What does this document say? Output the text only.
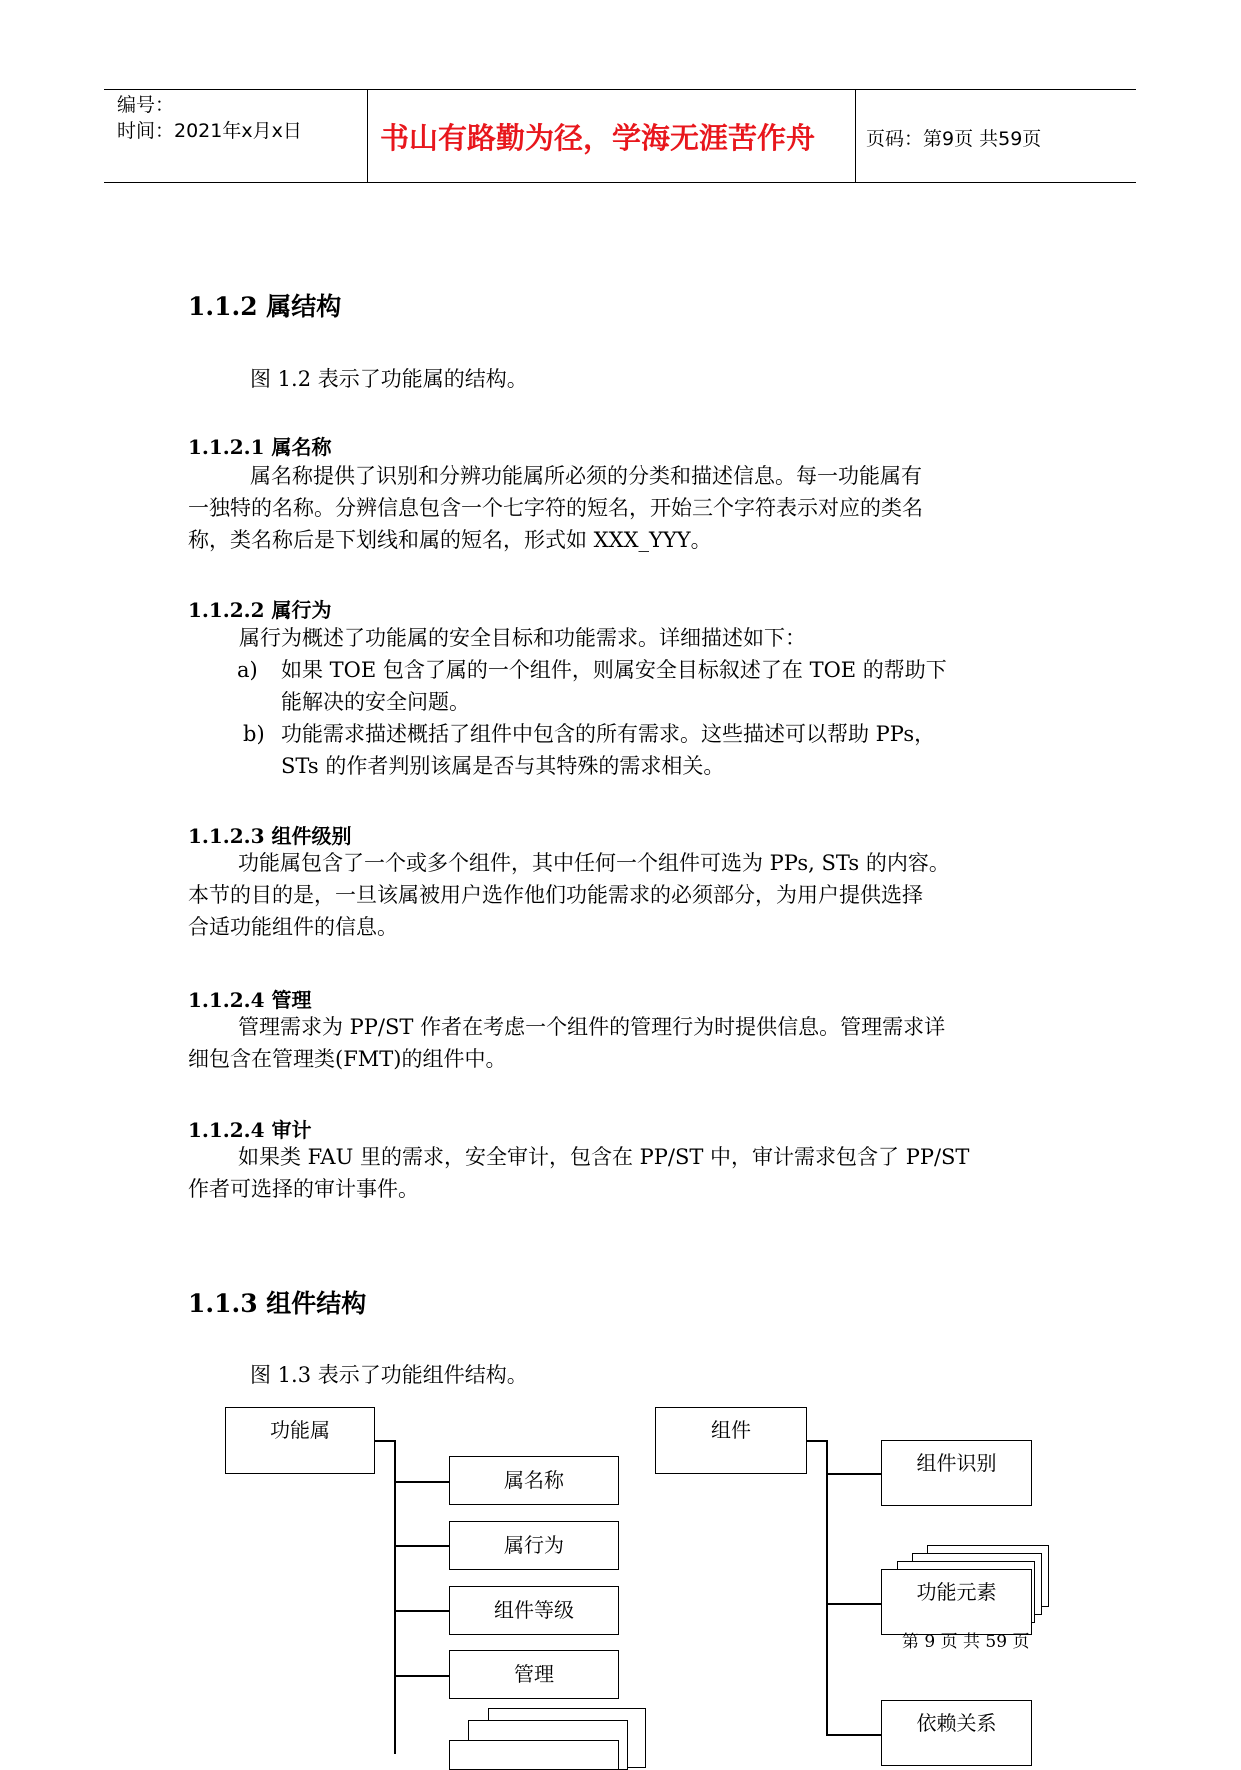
编号：
时间：2021年x月x日	书山有路勤为径，学海无涯苦作舟	页码：第9页 共59页
1.1.2 属结构
图 1.2 表示了功能属的结构。
1.1.2.1 属名称
属名称提供了识别和分辨功能属所必须的分类和描述信息。每一功能属有
一独特的名称。分辨信息包含一个七字符的短名，开始三个字符表示对应的类名
称，类名称后是下划线和属的短名，形式如 XXX_YYY。
1.1.2.2 属行为
属行为概述了功能属的安全目标和功能需求。详细描述如下：
a) 如果 TOE 包含了属的一个组件，则属安全目标叙述了在 TOE 的帮助下
能解决的安全问题。
b) 功能需求描述概括了组件中包含的所有需求。这些描述可以帮助 PPs，
STs 的作者判别该属是否与其特殊的需求相关。
1.1.2.3 组件级别
功能属包含了一个或多个组件，其中任何一个组件可选为 PPs, STs 的内容。
本节的目的是，一旦该属被用户选作他们功能需求的必须部分，为用户提供选择
合适功能组件的信息。
1.1.2.4 管理
管理需求为 PP/ST 作者在考虑一个组件的管理行为时提供信息。管理需求详
细包含在管理类(FMT)的组件中。
1.1.2.4 审计
如果类 FAU 里的需求，安全审计，包含在 PP/ST 中，审计需求包含了 PP/ST
作者可选择的审计事件。
1.1.3 组件结构
图 1.3 表示了功能组件结构。
功能属
属名称
属行为
组件等级
管理
组件
组件识别
功能元素
依赖关系
第 9 页 共 59 页
